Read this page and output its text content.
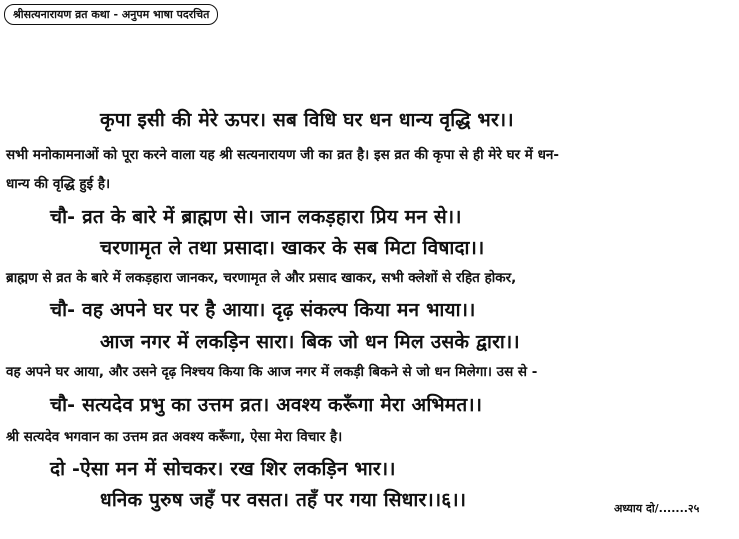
श्रीसत्यनारायण व्रत कथा - अनुपम भाषा पदरचित
कृपा इसी की मेरे ऊपर। सब विधि घर धन धान्य वृद्धि भर।।
सभी मनोकामनाओं को पूरा करने वाला यह श्री सत्यनारायण जी का व्रत है। इस व्रत की कृपा से ही मेरे घर में धन-
धान्य की वृद्धि हुई है।
चौ- व्रत के बारे में ब्राह्मण से। जान लकड़हारा प्रिय मन से।।
चरणामृत ले तथा प्रसादा। खाकर के सब मिटा विषादा।।
ब्राह्मण से व्रत के बारे में लकड़हारा जानकर, चरणामृत ले और प्रसाद खाकर, सभी क्लेशों से रहित होकर,
चौ- वह अपने घर पर है आया। दृढ़ संकल्प किया मन भाया।।
आज नगर में लकड़िन सारा। बिक जो धन मिल उसके द्वारा।।
वह अपने घर आया, और उसने दृढ़ निश्चय किया कि आज नगर में लकड़ी बिकने से जो धन मिलेगा। उस से -
चौ- सत्यदेव प्रभु का उत्तम व्रत। अवश्य करूँगा मेरा अभिमत।।
श्री सत्यदेव भगवान का उत्तम व्रत अवश्य करूँगा, ऐसा मेरा विचार है।
दो -ऐसा मन में सोचकर। रख शिर लकड़िन भार।।
धनिक पुरुष जहँ पर वसत। तहँ पर गया सिधार।।६।।	अध्याय दो/.......२५
